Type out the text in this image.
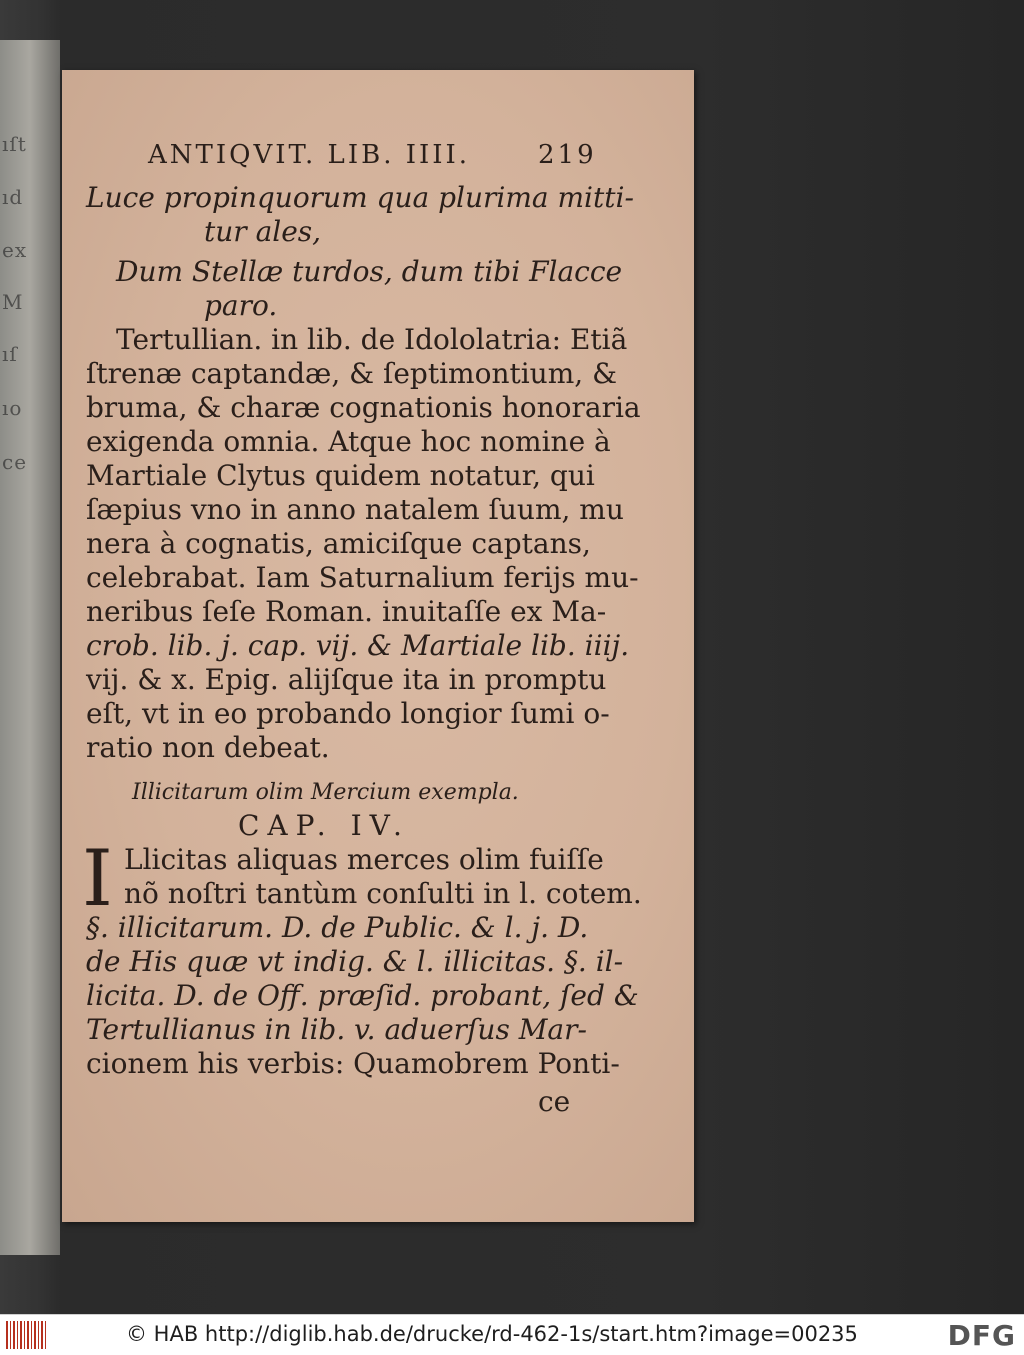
ıſt
ıd
ex
M
ıſ
ıo
ce
ANTIQVIT. LIB. IIII.	219
Luce propinquorum qua plurima mitti-
tur ales,
Dum Stellæ turdos, dum tibi Flacce
paro.
Tertullian. in lib. de Idololatria: Etiã
ſtrenæ captandæ, & ſeptimontium, &
bruma, & charæ cognationis honoraria
exigenda omnia. Atque hoc nomine à
Martiale Clytus quidem notatur, qui
ſæpius vno in anno natalem ſuum, mu
nera à cognatis, amiciſque captans,
celebrabat. Iam Saturnalium ferijs mu-
neribus ſeſe Roman. inuitaſſe ex Ma-
crob. lib. j. cap. vij. & Martiale lib. iiij.
vij. & x. Epig. alijſque ita in promptu
eſt, vt in eo probando longior ſumi o-
ratio non debeat.
Illicitarum olim Mercium exempla.
CAP. IV.
I Llicitas aliquas merces olim fuiſſe
nõ noſtri tantùm conſulti in l. cotem.
§. illicitarum. D. de Public. & l. j. D.
de His quæ vt indig. & l. illicitas. §. il-
licita. D. de Off. præſid. probant, ſed &
Tertullianus in lib. v. aduerſus Mar-
cionem his verbis: Quamobrem Ponti-
ce
© HAB http://diglib.hab.de/drucke/rd-462-1s/start.htm?image=00235	DFG
